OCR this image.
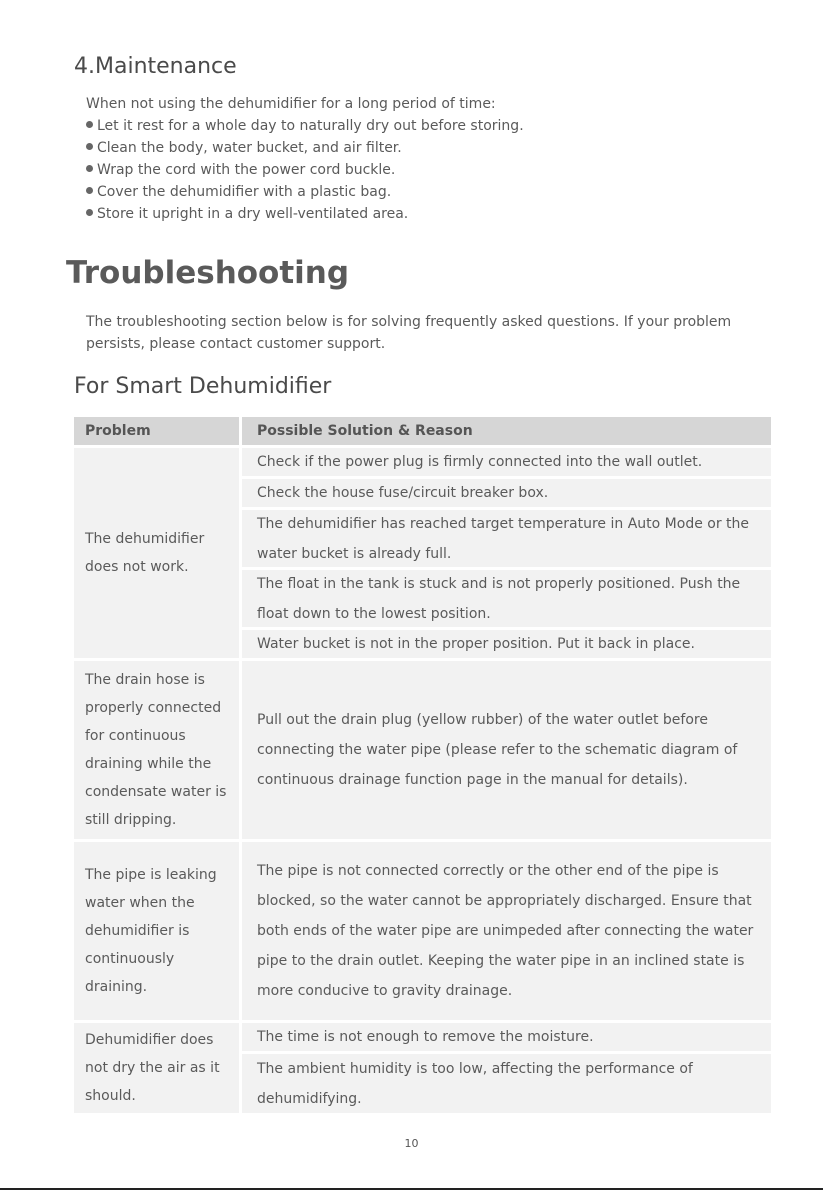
4.Maintenance
When not using the dehumidifier for a long period of time:
Let it rest for a whole day to naturally dry out before storing.
Clean the body, water bucket, and air filter.
Wrap the cord with the power cord buckle.
Cover the dehumidifier with a plastic bag.
Store it upright in a dry well-ventilated area.
Troubleshooting
The troubleshooting section below is for solving frequently asked questions. If your problem persists, please contact customer support.
For Smart Dehumidifier
Problem	Possible Solution & Reason
The dehumidifier does not work.
Check if the power plug is firmly connected into the wall outlet.
Check the house fuse/circuit breaker box.
The dehumidifier has reached target temperature in Auto Mode or the water bucket is already full.
The float in the tank is stuck and is not properly positioned. Push the float down to the lowest position.
Water bucket is not in the proper position. Put it back in place.
The drain hose is properly connected for continuous draining while the condensate water is still dripping.
Pull out the drain plug (yellow rubber) of the water outlet before connecting the water pipe (please refer to the schematic diagram of continuous drainage function page in the manual for details).
The pipe is leaking water when the dehumidifier is continuously draining.
The pipe is not connected correctly or the other end of the pipe is blocked, so the water cannot be appropriately discharged. Ensure that both ends of the water pipe are unimpeded after connecting the water pipe to the drain outlet. Keeping the water pipe in an inclined state is more conducive to gravity drainage.
Dehumidifier does not dry the air as it should.
The time is not enough to remove the moisture.
The ambient humidity is too low, affecting the performance of dehumidifying.
10
